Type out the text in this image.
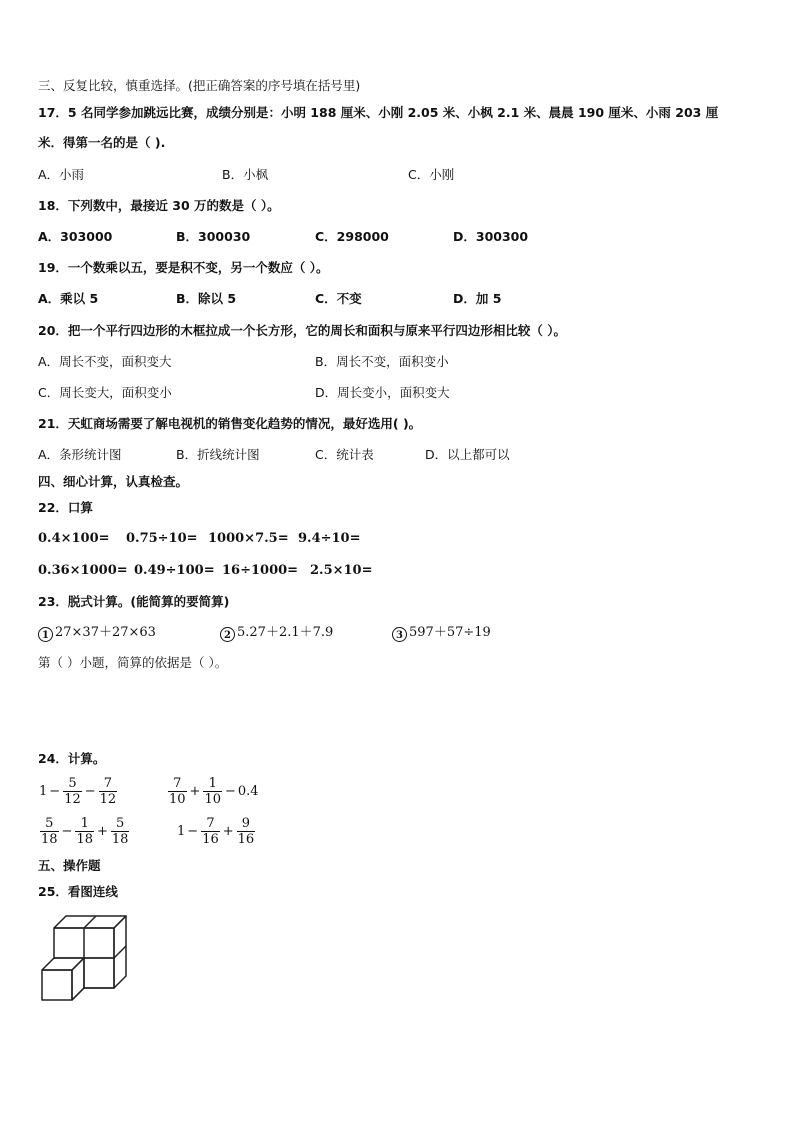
三、反复比较，慎重选择。(把正确答案的序号填在括号里)
17．5 名同学参加跳远比赛，成绩分别是：小明 188 厘米、小刚 2.05 米、小枫 2.1 米、晨晨 190 厘米、小雨 203 厘
米．得第一名的是（ ).
A．小雨	B．小枫	C．小刚
18．下列数中，最接近 30 万的数是（ ）。
A．303000	B．300030	C．298000	D．300300
19．一个数乘以五，要是积不变，另一个数应（ ）。
A．乘以 5	B．除以 5	C．不变	D．加 5
20．把一个平行四边形的木框拉成一个长方形，它的周长和面积与原来平行四边形相比较（ ）。
A．周长不变，面积变大	B．周长不变，面积变小
C．周长变大，面积变小	D．周长变小，面积变大
21．天虹商场需要了解电视机的销售变化趋势的情况，最好选用( )。
A．条形统计图	B．折线统计图	C．统计表	D．以上都可以
四、细心计算，认真检查。
22．口算
0.4×100= 0.75÷10= 1000×7.5= 9.4÷10=
0.36×1000= 0.49÷100= 16÷1000= 2.5×10=
23．脱式计算。(能简算的要简算)
1 27×37＋27×63	2 5.27＋2.1＋7.9	3 597＋57÷19
第（ ）小题，简算的依据是（ ）。
24．计算。
$1 - \frac{5}{12} - \frac{7}{12}$	$\frac{7}{10} + \frac{1}{10} - 0.4$
$\frac{5}{18} - \frac{1}{18} + \frac{5}{18}$	$1 - \frac{7}{16} + \frac{9}{16}$
五、操作题
25．看图连线
